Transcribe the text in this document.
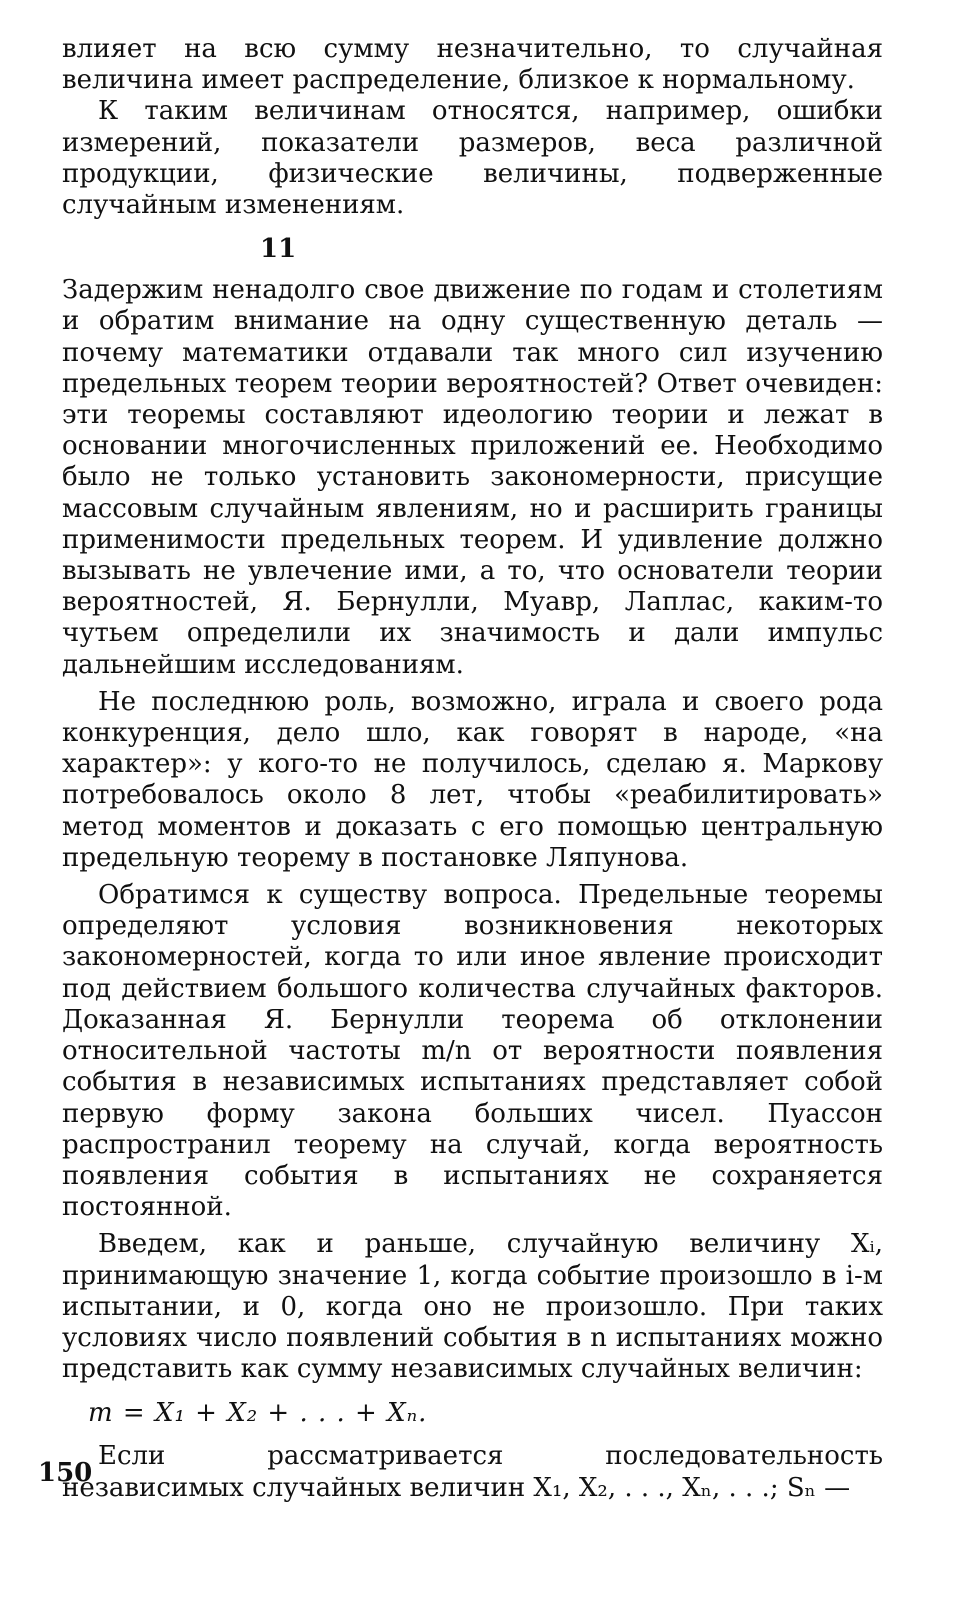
влияет на всю сумму незначительно, то случайная величина имеет распределение, близкое к нормальному.

К таким величинам относятся, например, ошибки измерений, показатели размеров, веса различной продукции, физические величины, подверженные случайным изменениям.

11

Задержим ненадолго свое движение по годам и столетиям и обратим внимание на одну существенную деталь — почему математики отдавали так много сил изучению предельных теорем теории вероятностей? Ответ очевиден: эти теоремы составляют идеологию теории и лежат в основании многочисленных приложений ее. Необходимо было не только установить закономерности, присущие массовым случайным явлениям, но и расширить границы применимости предельных теорем. И удивление должно вызывать не увлечение ими, а то, что основатели теории вероятностей, Я. Бернулли, Муавр, Лаплас, каким-то чутьем определили их значимость и дали импульс дальнейшим исследованиям.

Не последнюю роль, возможно, играла и своего рода конкуренция, дело шло, как говорят в народе, «на характер»: у кого-то не получилось, сделаю я. Маркову потребовалось около 8 лет, чтобы «реабилитировать» метод моментов и доказать с его помощью центральную предельную теорему в постановке Ляпунова.

Обратимся к существу вопроса. Предельные теоремы определяют условия возникновения некоторых закономерностей, когда то или иное явление происходит под действием большого количества случайных факторов. Доказанная Я. Бернулли теорема об отклонении относительной частоты m/n от вероятности появления события в независимых испытаниях представляет собой первую форму закона больших чисел. Пуассон распространил теорему на случай, когда вероятность появления события в испытаниях не сохраняется постоянной.

Введем, как и раньше, случайную величину Xᵢ, принимающую значение 1, когда событие произошло в i-м испытании, и 0, когда оно не произошло. При таких условиях число появлений события в n испытаниях можно представить как сумму независимых случайных величин:

m = X₁ + X₂ + . . . + Xₙ.

Если рассматривается последовательность независимых случайных величин X₁, X₂, . . ., Xₙ, . . .; Sₙ —

150
